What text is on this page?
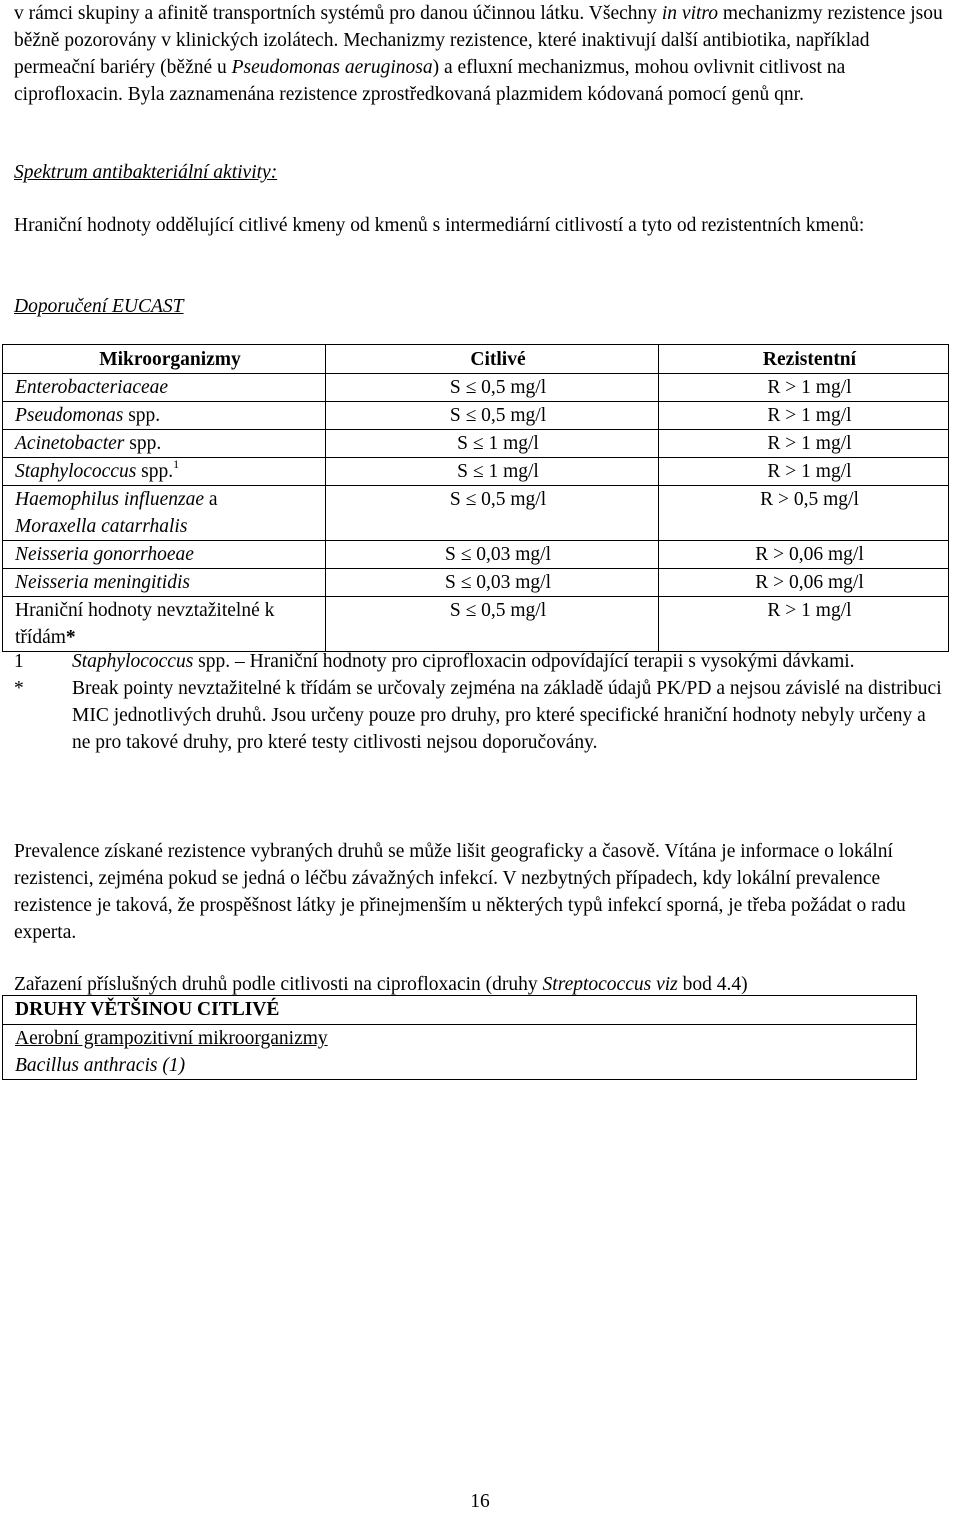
v rámci skupiny a afinitě transportních systémů pro danou účinnou látku. Všechny in vitro mechanizmy rezistence jsou běžně pozorovány v klinických izolátech. Mechanizmy rezistence, které inaktivují další antibiotika, například permeační bariéry (běžné u Pseudomonas aeruginosa) a efluxní mechanizmus, mohou ovlivnit citlivost na ciprofloxacin. Byla zaznamenána rezistence zprostředkovaná plazmidem kódovaná pomocí genů qnr.

Spektrum antibakteriální aktivity:

Hraniční hodnoty oddělující citlivé kmeny od kmenů s intermediární citlivostí a tyto od rezistentních kmenů:

Doporučení EUCAST

Mikroorganizmy	Citlivé	Rezistentní
Enterobacteriaceae	S ≤ 0,5 mg/l	R > 1 mg/l
Pseudomonas spp.	S ≤ 0,5 mg/l	R > 1 mg/l
Acinetobacter spp.	S ≤ 1 mg/l	R > 1 mg/l
Staphylococcus spp.$^1$	S ≤ 1 mg/l	R > 1 mg/l
Haemophilus influenzae a
Moraxella catarrhalis	S ≤ 0,5 mg/l	R > 0,5 mg/l
Neisseria gonorrhoeae	S ≤ 0,03 mg/l	R > 0,06 mg/l
Neisseria meningitidis	S ≤ 0,03 mg/l	R > 0,06 mg/l
Hraniční hodnoty nevztažitelné k třídám*	S ≤ 0,5 mg/l	R > 1 mg/l
1	Staphylococcus spp. – Hraniční hodnoty pro ciprofloxacin odpovídající terapii s vysokými dávkami.
*	Break pointy nevztažitelné k třídám se určovaly zejména na základě údajů PK/PD a nejsou závislé na distribuci MIC jednotlivých druhů. Jsou určeny pouze pro druhy, pro které specifické hraniční hodnoty nebyly určeny a ne pro takové druhy, pro které testy citlivosti nejsou doporučovány.

Prevalence získané rezistence vybraných druhů se může lišit geograficky a časově. Vítána je informace o lokální rezistenci, zejména pokud se jedná o léčbu závažných infekcí. V nezbytných případech, kdy lokální prevalence rezistence je taková, že prospěšnost látky je přinejmenším u některých typů infekcí sporná, je třeba požádat o radu experta.

Zařazení příslušných druhů podle citlivosti na ciprofloxacin (druhy Streptococcus viz bod 4.4)

DRUHY VĚTŠINOU CITLIVÉ
Aerobní grampozitivní mikroorganizmy
Bacillus anthracis (1)
16
